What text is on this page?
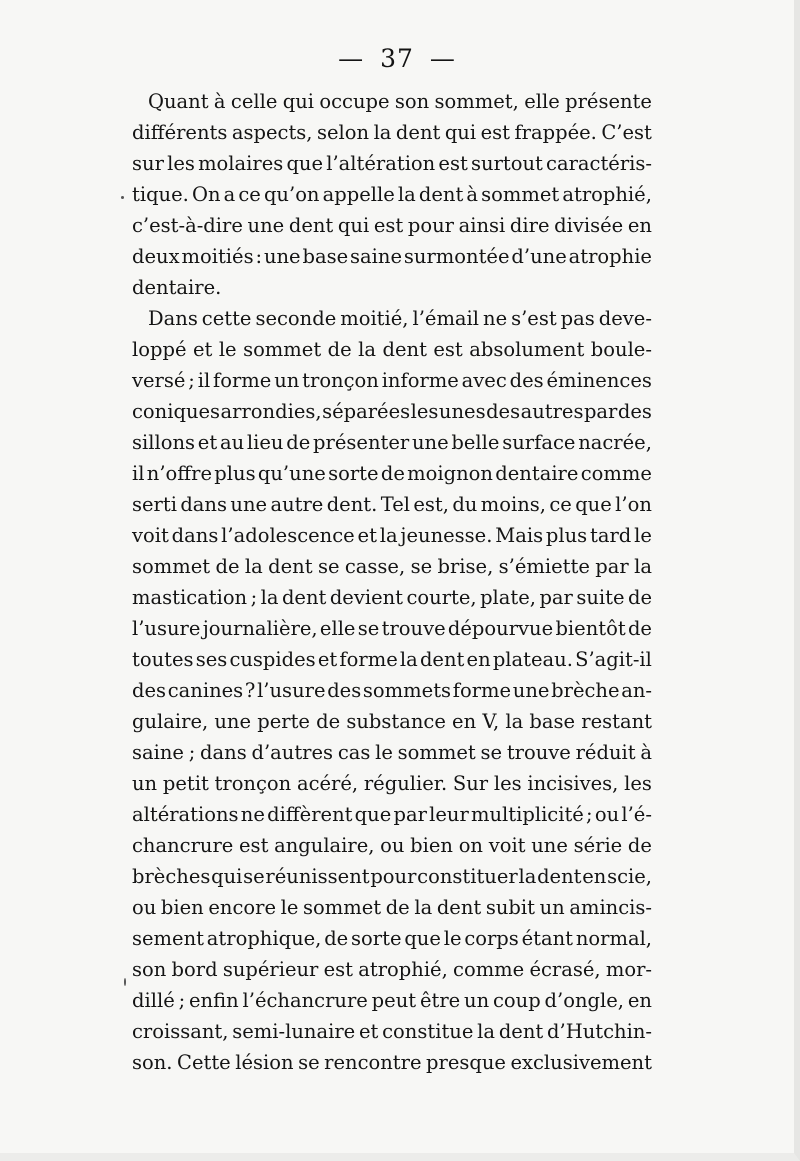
— 37 —
Quant à celle qui occupe son sommet, elle présente
différents aspects, selon la dent qui est frappée. C’est
sur les molaires que l’altération est surtout caractéris-
tique. On a ce qu’on appelle la dent à sommet atrophié,
c’est-à-dire une dent qui est pour ainsi dire divisée en
deux moitiés : une base saine surmontée d’une atrophie
dentaire.
Dans cette seconde moitié, l’émail ne s’est pas deve-
loppé et le sommet de la dent est absolument boule-
versé ; il forme un tronçon informe avec des éminences
coniques arrondies, séparées les unes des autres par des
sillons et au lieu de présenter une belle surface nacrée,
il n’offre plus qu’une sorte de moignon dentaire comme
serti dans une autre dent. Tel est, du moins, ce que l’on
voit dans l’adolescence et la jeunesse. Mais plus tard le
sommet de la dent se casse, se brise, s’émiette par la
mastication ; la dent devient courte, plate, par suite de
l’usure journalière, elle se trouve dépourvue bientôt de
toutes ses cuspides et forme la dent en plateau. S’agit-il
des canines ? l’usure des sommets forme une brèche an-
gulaire, une perte de substance en V, la base restant
saine ; dans d’autres cas le sommet se trouve réduit à
un petit tronçon acéré, régulier. Sur les incisives, les
altérations ne diffèrent que par leur multiplicité ; ou l’é-
chancrure est angulaire, ou bien on voit une série de
brèches qui se réunissent pour constituer la dent en scie,
ou bien encore le sommet de la dent subit un amincis-
sement atrophique, de sorte que le corps étant normal,
son bord supérieur est atrophié, comme écrasé, mor-
dillé ; enfin l’échancrure peut être un coup d’ongle, en
croissant, semi-lunaire et constitue la dent d’Hutchin-
son. Cette lésion se rencontre presque exclusivement
